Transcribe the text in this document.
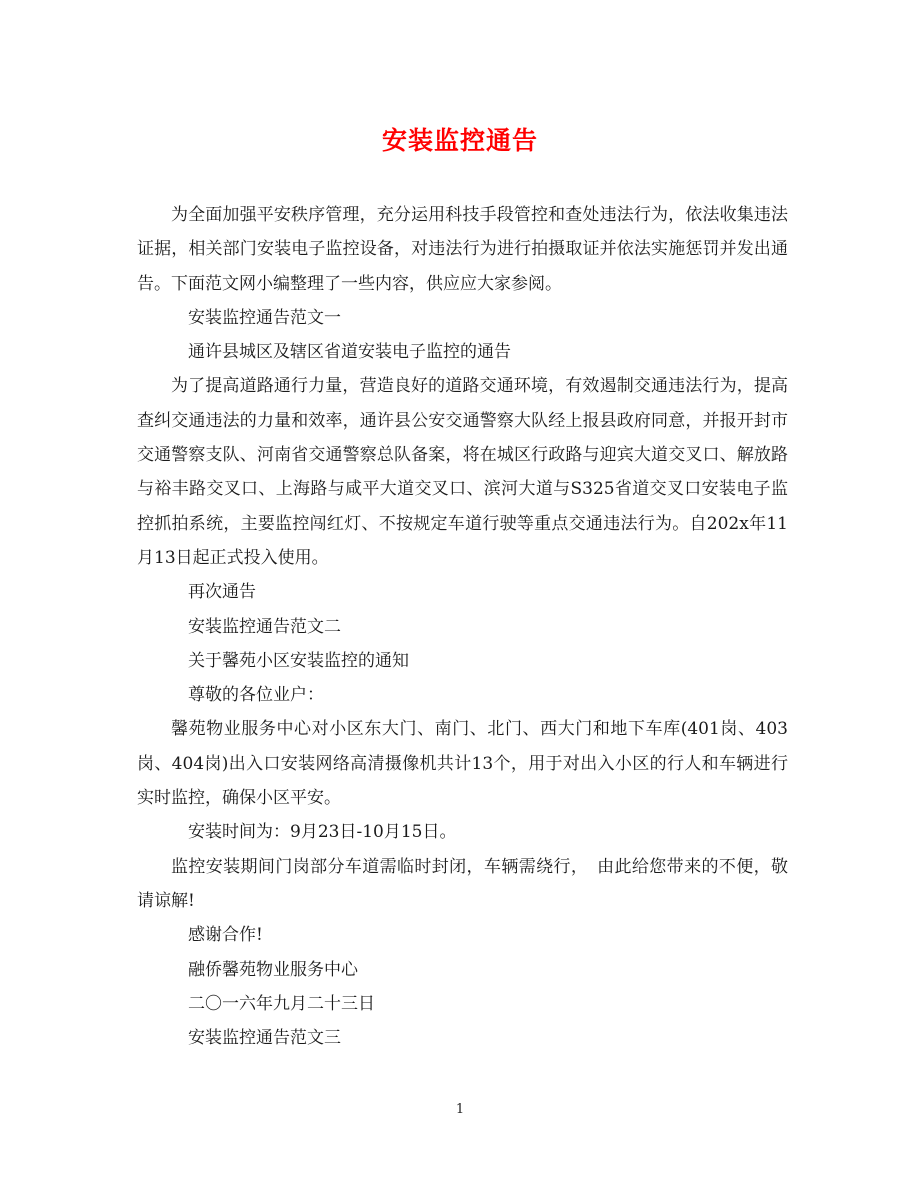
安装监控通告

为全面加强平安秩序管理，充分运用科技手段管控和查处违法行为，依法收集违法证据，相关部门安装电子监控设备，对违法行为进行拍摄取证并依法实施惩罚并发出通告。下面范文网小编整理了一些内容，供应应大家参阅。

安装监控通告范文一

通许县城区及辖区省道安装电子监控的通告

为了提高道路通行力量，营造良好的道路交通环境，有效遏制交通违法行为，提高查纠交通违法的力量和效率，通许县公安交通警察大队经上报县政府同意，并报开封市交通警察支队、河南省交通警察总队备案，将在城区行政路与迎宾大道交叉口、解放路与裕丰路交叉口、上海路与咸平大道交叉口、滨河大道与S325省道交叉口安装电子监控抓拍系统，主要监控闯红灯、不按规定车道行驶等重点交通违法行为。自202x年11月13日起正式投入使用。

再次通告

安装监控通告范文二

关于馨苑小区安装监控的通知

尊敬的各位业户：

馨苑物业服务中心对小区东大门、南门、北门、西大门和地下车库(401岗、403岗、404岗)出入口安装网络高清摄像机共计13个，用于对出入小区的行人和车辆进行实时监控，确保小区平安。

安装时间为：9月23日-10月15日。

监控安装期间门岗部分车道需临时封闭，车辆需绕行，　由此给您带来的不便，敬请谅解!

感谢合作!

融侨馨苑物业服务中心

二〇一六年九月二十三日

安装监控通告范文三

1
